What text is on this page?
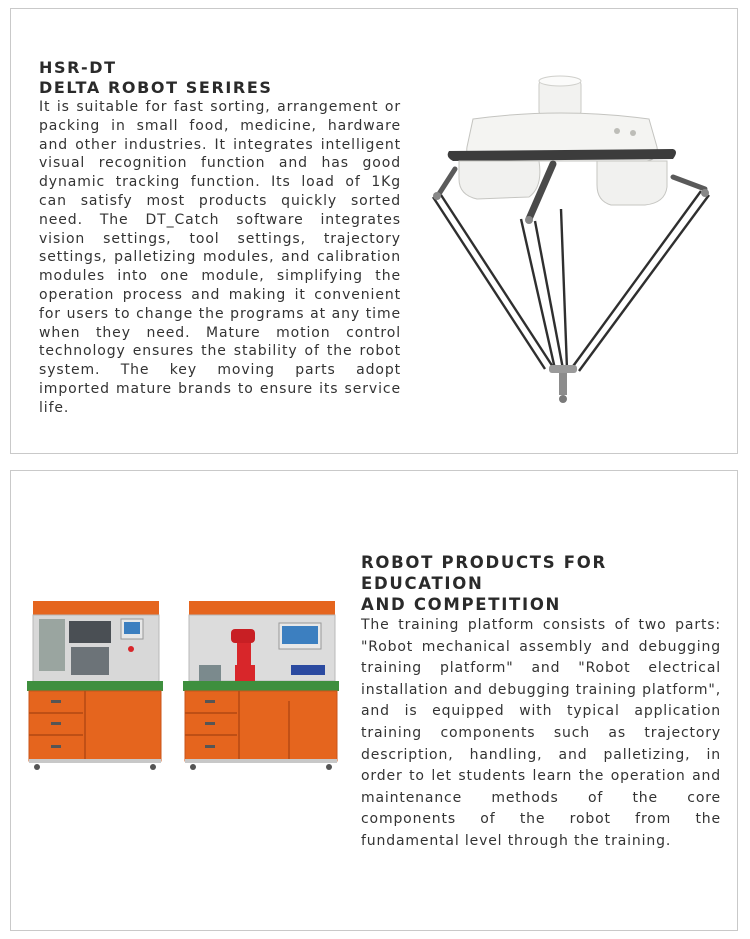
HSR-DT

DELTA ROBOT SERIRES

It is suitable for fast sorting, arrangement or packing in small food, medicine, hardware and other industries. It integrates intelligent visual recognition function and has good dynamic tracking function. Its load of 1Kg can satisfy most products quickly sorted need. The DT_Catch software integrates vision settings, tool settings, trajectory settings, palletizing modules, and calibration modules into one module, simplifying the operation process and making it convenient for users to change the programs at any time when they need. Mature motion control technology ensures the stability of the robot system. The key moving parts adopt imported mature brands to ensure its service life.

ROBOT PRODUCTS FOR EDUCATION

AND COMPETITION

The training platform consists of two parts: "Robot mechanical assembly and debugging training platform" and "Robot electrical installation and debugging training platform", and is equipped with typical application training components such as trajectory description, handling, and palletizing, in order to let students learn the operation and maintenance methods of the core components of the robot from the fundamental level through the training.
